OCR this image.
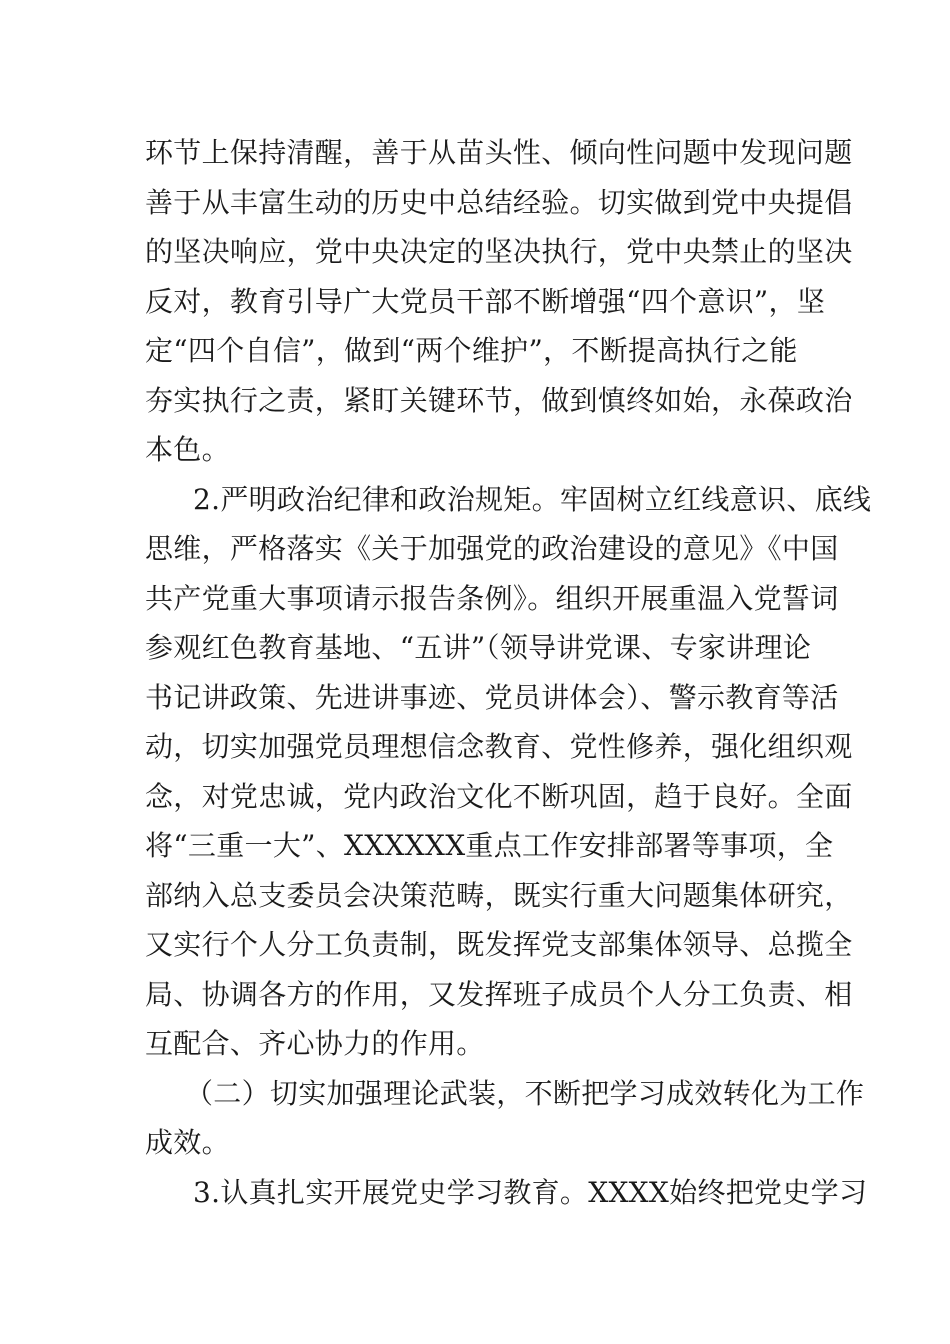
环节上保持清醒，善于从苗头性、倾向性问题中发现问题
善于从丰富生动的历史中总结经验。切实做到党中央提倡
的坚决响应，党中央决定的坚决执行，党中央禁止的坚决
反对，教育引导广大党员干部不断增强“四个意识”，坚
定“四个自信”，做到“两个维护”，不断提高执行之能
夯实执行之责，紧盯关键环节，做到慎终如始，永葆政治
本色。
2.严明政治纪律和政治规矩。牢固树立红线意识、底线
思维，严格落实《关于加强党的政治建设的意见》《中国
共产党重大事项请示报告条例》。组织开展重温入党誓词
参观红色教育基地、“五讲”（领导讲党课、专家讲理论
书记讲政策、先进讲事迹、党员讲体会）、警示教育等活
动，切实加强党员理想信念教育、党性修养，强化组织观
念，对党忠诚，党内政治文化不断巩固，趋于良好。全面
将“三重一大”、XXXXXX重点工作安排部署等事项，全
部纳入总支委员会决策范畴，既实行重大问题集体研究，
又实行个人分工负责制，既发挥党支部集体领导、总揽全
局、协调各方的作用，又发挥班子成员个人分工负责、相
互配合、齐心协力的作用。
（二）切实加强理论武装，不断把学习成效转化为工作
成效。
3.认真扎实开展党史学习教育。XXXX始终把党史学习
